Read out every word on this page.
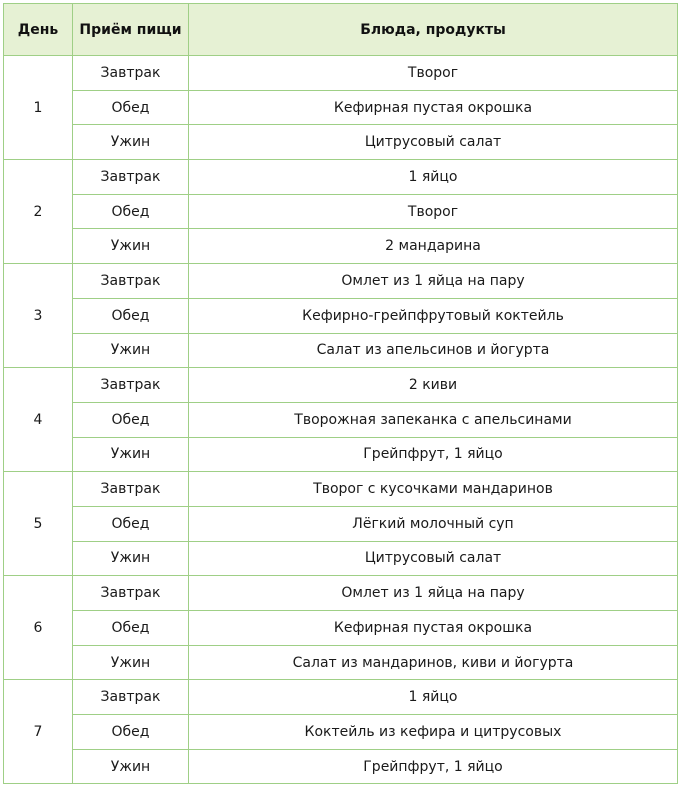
День	Приём пищи	Блюда, продукты
1	Завтрак	Творог
	Обед	Кефирная пустая окрошка
	Ужин	Цитрусовый салат
2	Завтрак	1 яйцо
	Обед	Творог
	Ужин	2 мандарина
3	Завтрак	Омлет из 1 яйца на пару
	Обед	Кефирно-грейпфрутовый коктейль
	Ужин	Салат из апельсинов и йогурта
4	Завтрак	2 киви
	Обед	Творожная запеканка с апельсинами
	Ужин	Грейпфрут, 1 яйцо
5	Завтрак	Творог с кусочками мандаринов
	Обед	Лёгкий молочный суп
	Ужин	Цитрусовый салат
6	Завтрак	Омлет из 1 яйца на пару
	Обед	Кефирная пустая окрошка
	Ужин	Салат из мандаринов, киви и йогурта
7	Завтрак	1 яйцо
	Обед	Коктейль из кефира и цитрусовых
	Ужин	Грейпфрут, 1 яйцо
